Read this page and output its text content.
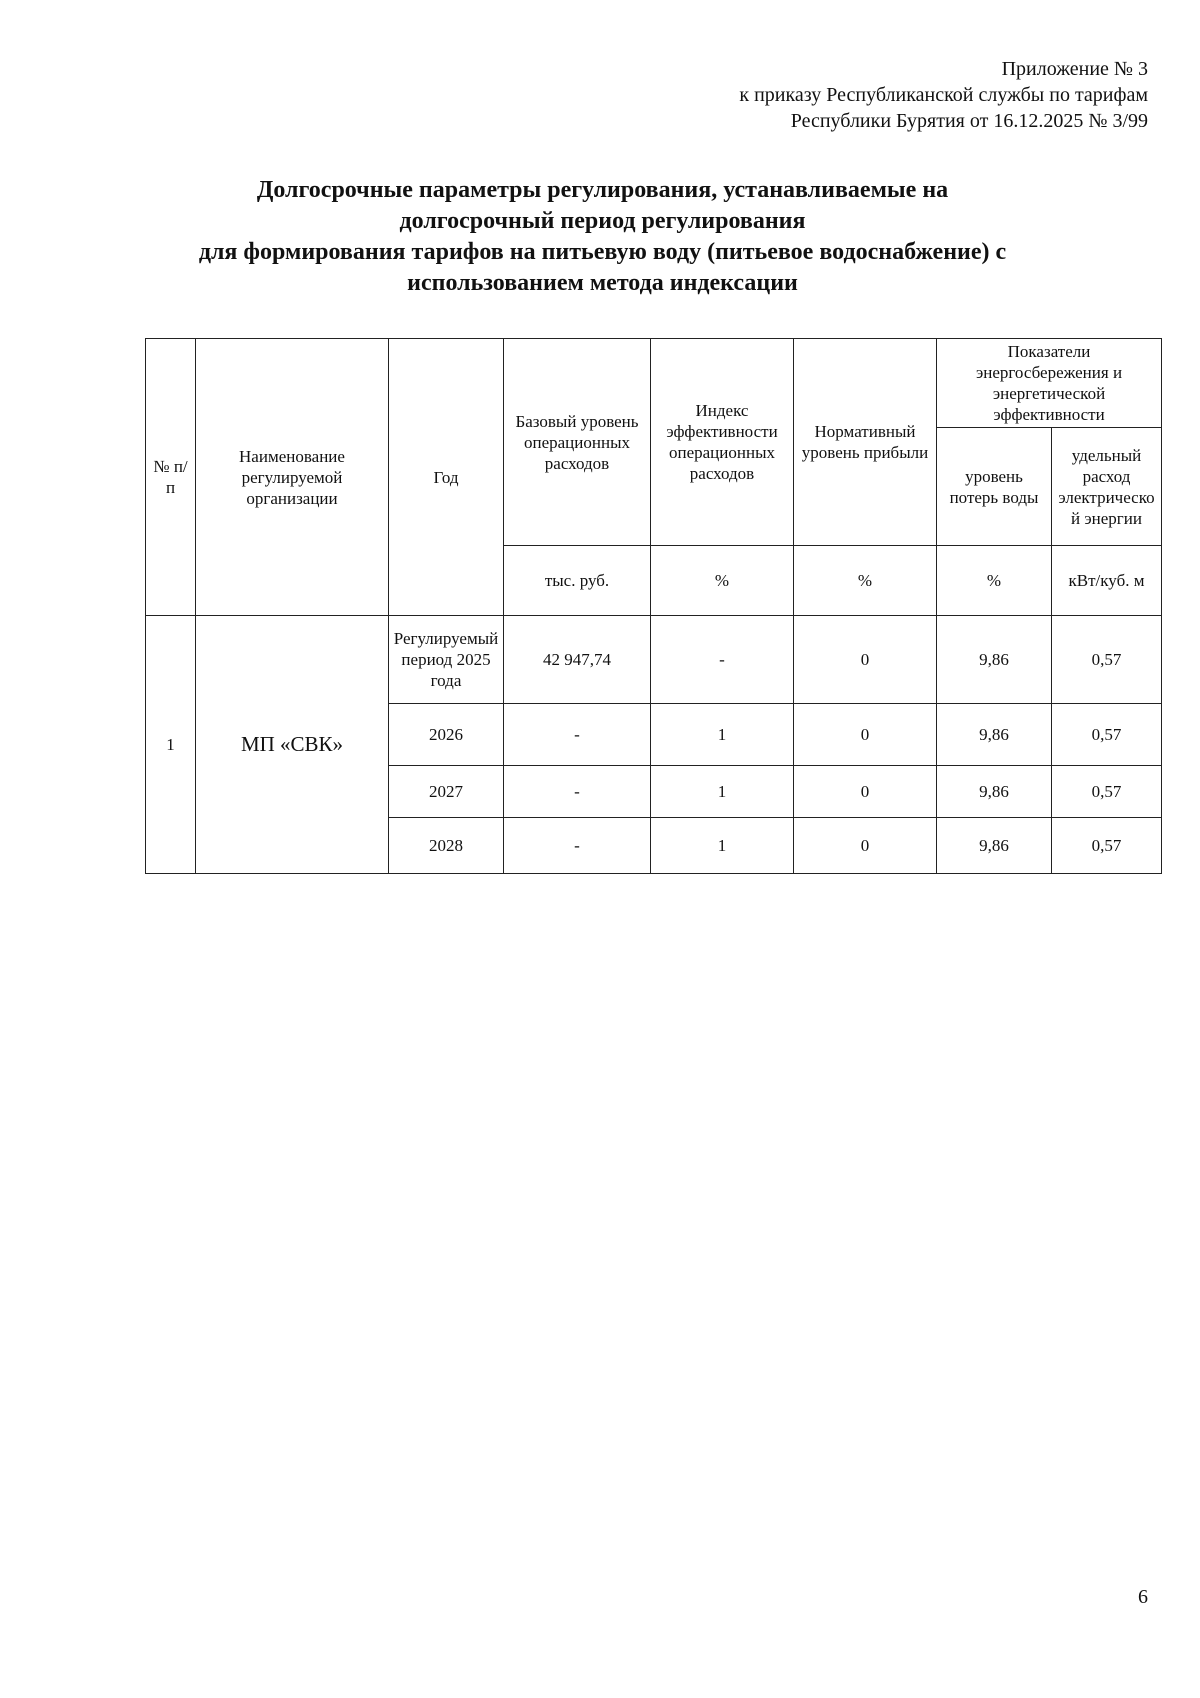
Приложение № 3
к приказу Республиканской службы по тарифам
Республики Бурятия от 16.12.2025 № 3/99
Долгосрочные параметры регулирования, устанавливаемые на
долгосрочный период регулирования
для формирования тарифов на питьевую воду (питьевое водоснабжение) с
использованием метода индексации
№ п/п	Наименование регулируемой организации	Год	Базовый уровень операционных расходов	Индекс эффективности операционных расходов	Нормативный уровень прибыли	Показатели энергосбережения и энергетической эффективности	
						уровень потерь воды	удельный расход электрической энергии
			тыс. руб.	%	%	%	кВт/куб. м
1	МП «СВК»	Регулируемый период 2025 года	42 947,74	-	0	9,86	0,57
		2026	-	1	0	9,86	0,57
		2027	-	1	0	9,86	0,57
		2028	-	1	0	9,86	0,57
6
